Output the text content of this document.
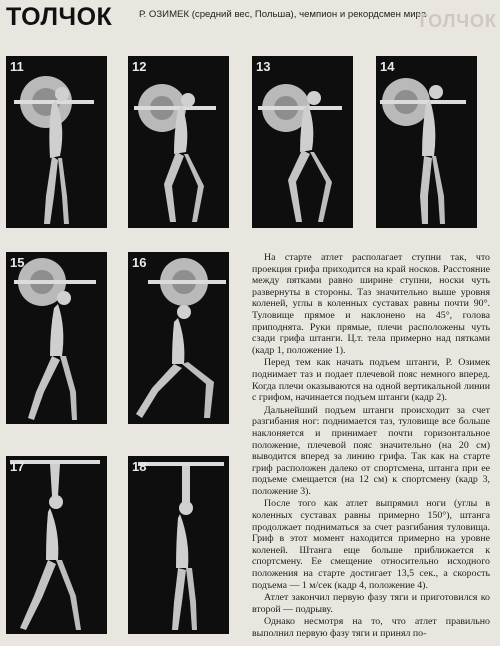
ТОЛЧОК	Р. ОЗИМЕК (средний вес, Польша), чемпион и рекордсмен мира
ТОЛЧОК
11	12	13	14
15	16
17	18

На старте атлет располагает ступни так, что проекция грифа приходится на край носков. Расстояние между пятками равно ширине ступни, носки чуть развернуты в стороны. Таз значительно выше уровня коленей, углы в коленных суставах равны почти 90°. Туловище прямое и наклонено на 45°, голова приподнята. Руки прямые, плечи расположены чуть сзади грифа штанги. Ц.т. тела примерно над пятками (кадр 1, положение 1).

Перед тем как начать подъем штанги, Р. Озимек поднимает таз и подает плечевой пояс немного вперед. Когда плечи оказываются на одной вертикальной линии с грифом, начинается подъем штанги (кадр 2).

Дальнейший подъем штанги происходит за счет разгибания ног: поднимается таз, туловище все больше наклоняется и принимает почти горизонтальное положение, плечевой пояс значительно (на 20 см) выводится вперед за линию грифа. Так как на старте гриф расположен далеко от спортсмена, штанга при ее подъеме смещается (на 12 см) к спортсмену (кадр 3, положение 3).

После того как атлет выпрямил ноги (углы в коленных суставах равны примерно 150°), штанга продолжает подниматься за счет разгибания туловища. Гриф в этот момент находится примерно на уровне коленей. Штанга еще больше приближается к спортсмену. Ее смещение относительно исходного положения на старте достигает 13,5 сек., а скорость подъема — 1 м/сек (кадр 4, положение 4).

Атлет закончил первую фазу тяги и приготовился ко второй — подрыву.

Однако несмотря на то, что атлет правильно выполнил первую фазу тяги и принял по-
